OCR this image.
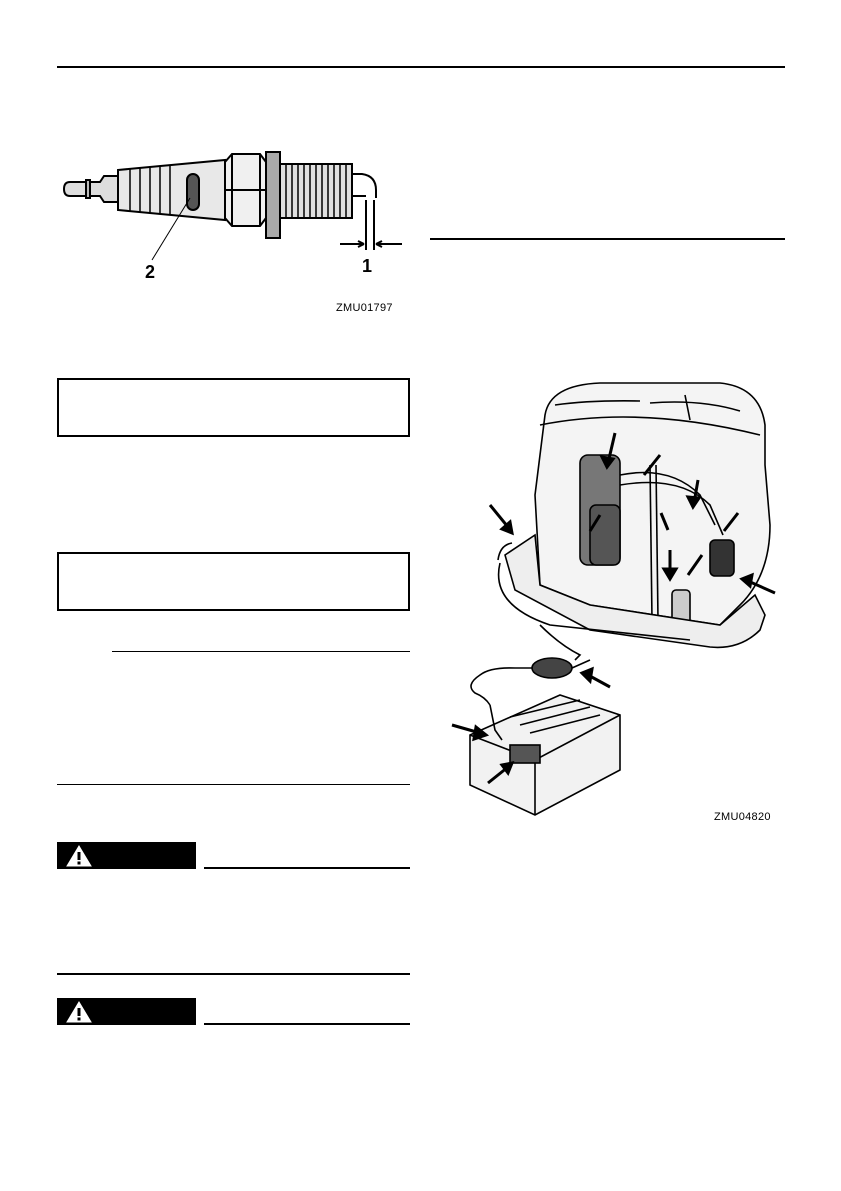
2	1
ZMU01797
ZMU04820
